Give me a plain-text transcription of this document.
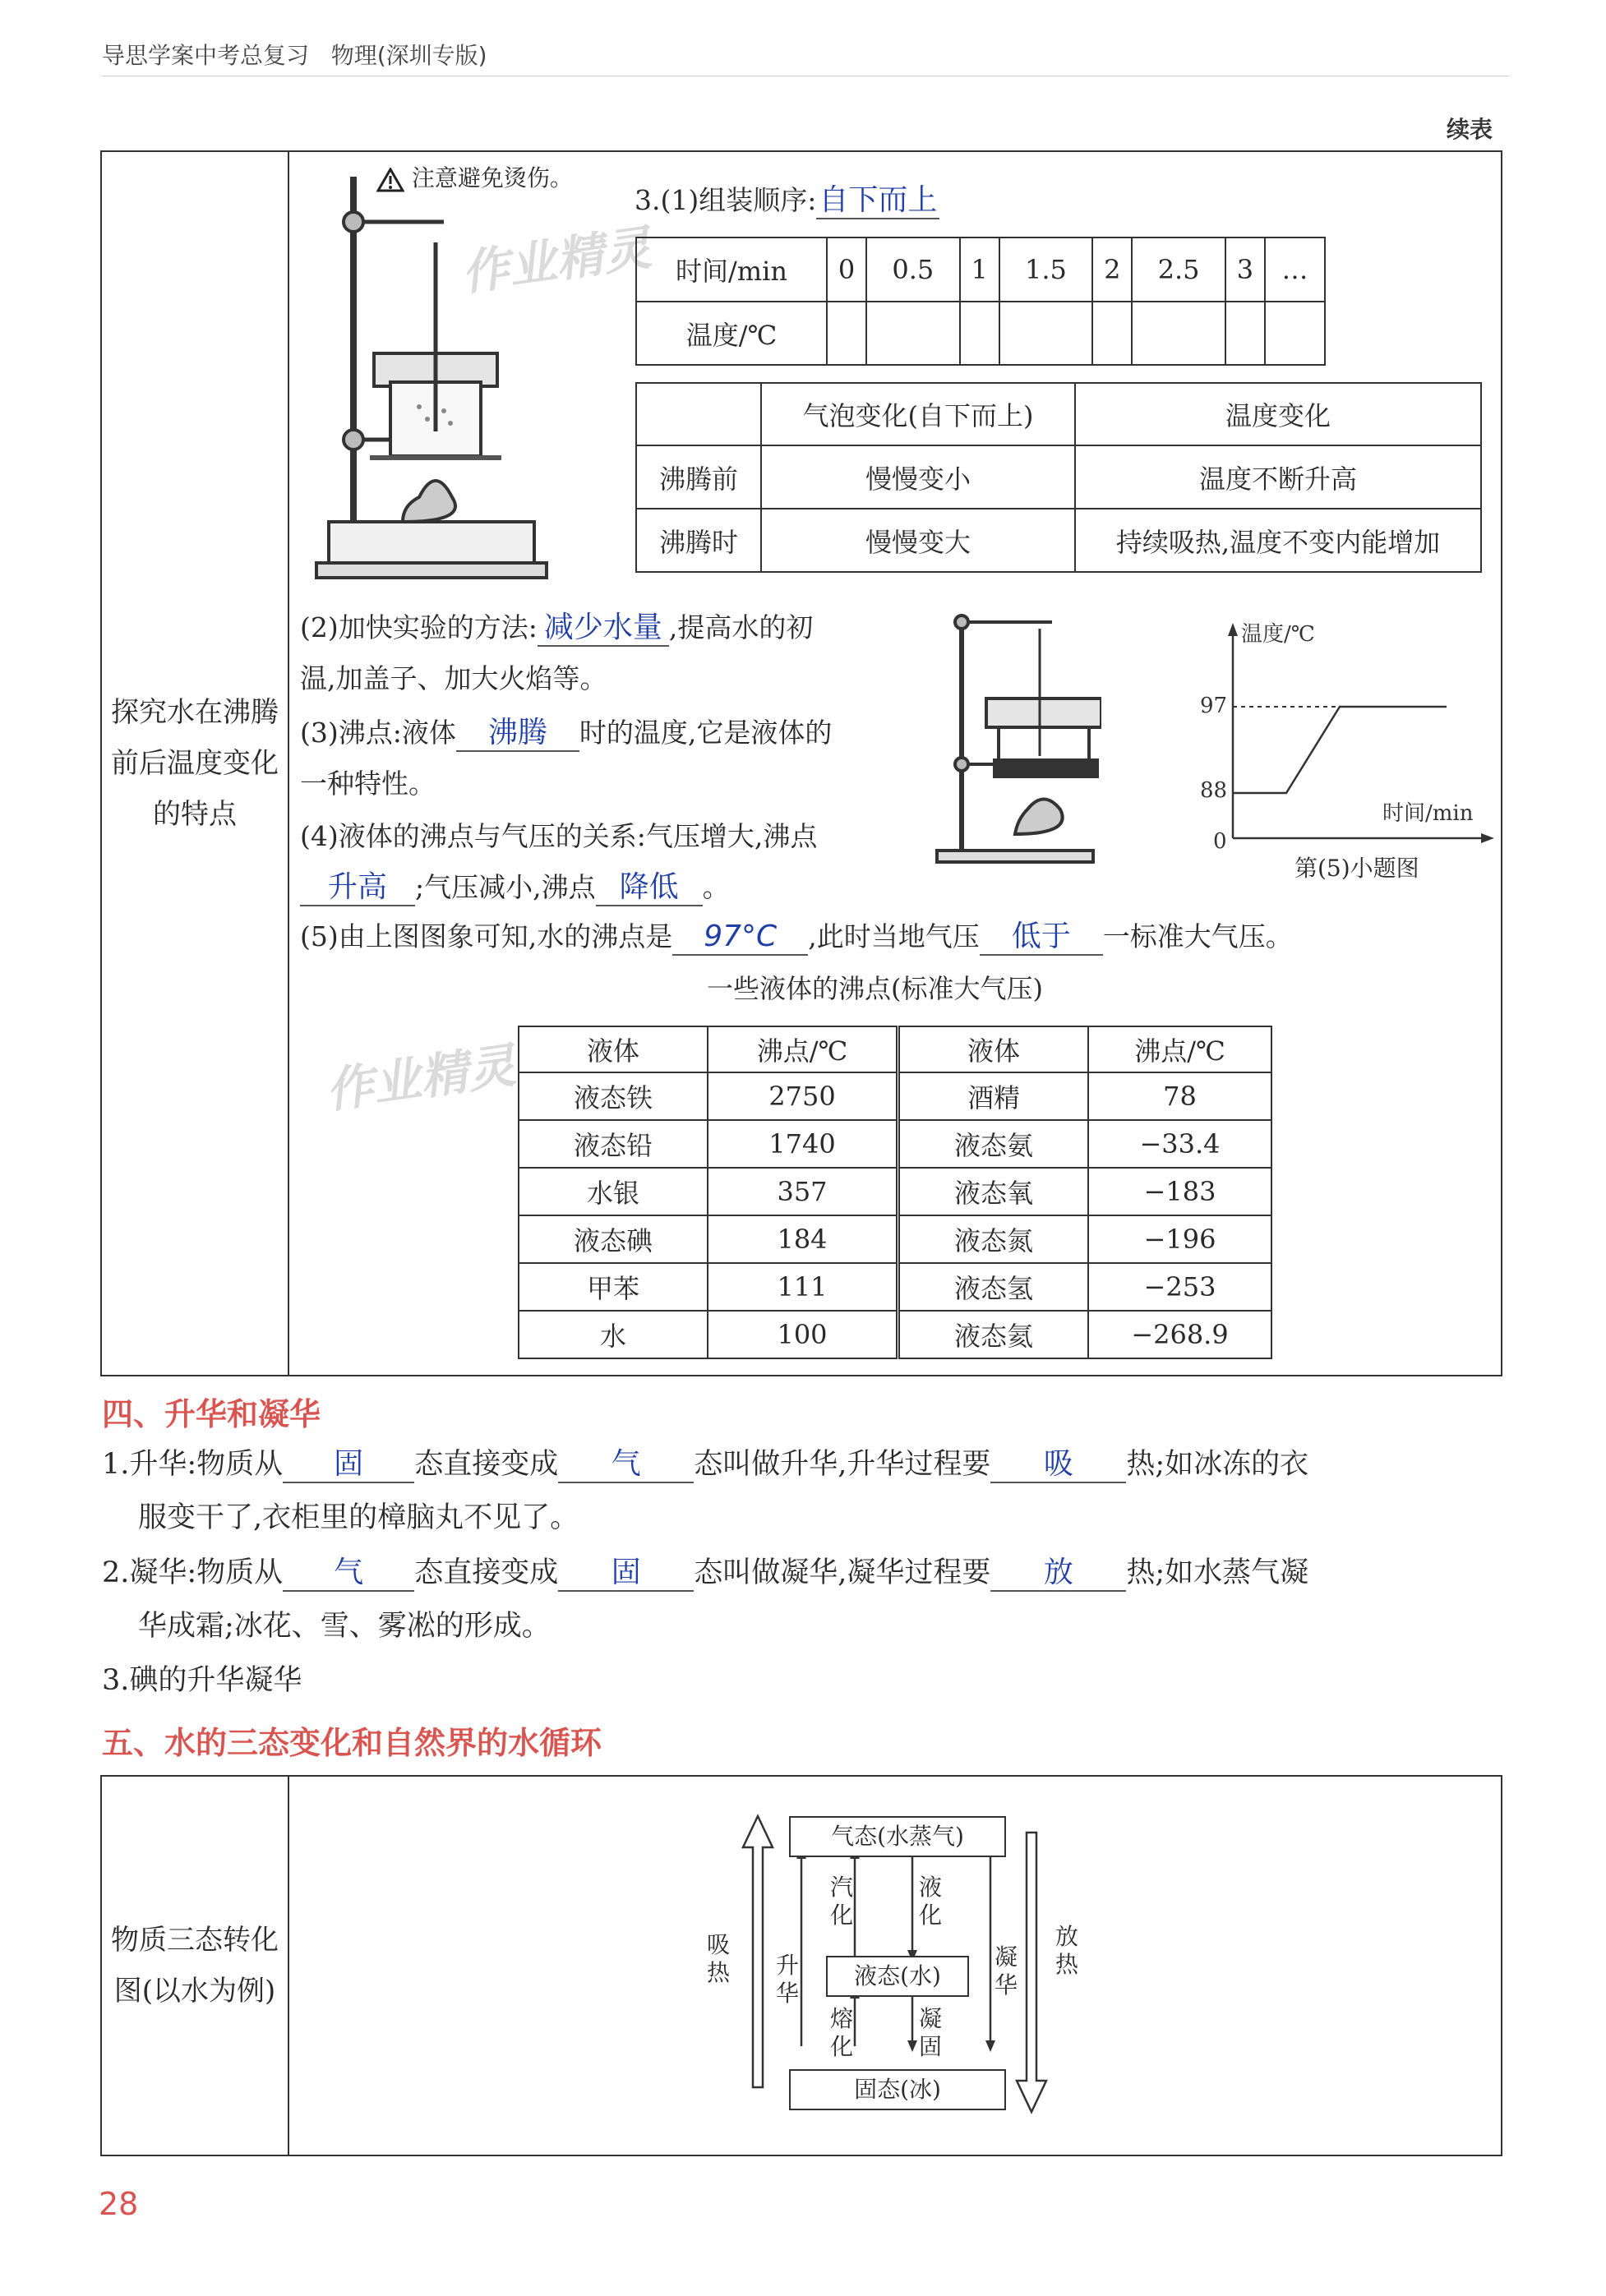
导思学案中考总复习 物理(深圳专版)
续表
探究水在沸腾
前后温度变化
的特点
注意避免烫伤。
作业精灵
3.(1)组装顺序:自下而上
时间/min	0	0.5	1	1.5	2	2.5	3	…
温度/℃								
	气泡变化(自下而上)	温度变化
沸腾前	慢慢变小	温度不断升高
沸腾时	慢慢变大	持续吸热,温度不变内能增加
(2)加快实验的方法: 减少水量 ,提高水的初
温,加盖子、加大火焰等。
(3)沸点:液体 沸腾 时的温度,它是液体的
一种特性。
(4)液体的沸点与气压的关系:气压增大,沸点
升高 ;气压减小,沸点 降低 。
温度/℃
时间/min
97
88
0
第(5)小题图
(5)由上图图象可知,水的沸点是 97°C ,此时当地气压 低于 一标准大气压。
一些液体的沸点(标准大气压)
作业精灵	液体	沸点/℃	液体	沸点/℃
液态铁	2750	酒精	78
液态铅	1740	液态氨	−33.4
水银	357	液态氧	−183
液态碘	184	液态氮	−196
甲苯	111	液态氢	−253
水	100	液态氦	−268.9
四、升华和凝华
1.升华:物质从 固 态直接变成 气 态叫做升华,升华过程要 吸 热;如冰冻的衣
服变干了,衣柜里的樟脑丸不见了。
2.凝华:物质从 气 态直接变成 固 态叫做凝华,凝华过程要 放 热;如水蒸气凝
华成霜;冰花、雪、雾凇的形成。
3.碘的升华凝华
五、水的三态变化和自然界的水循环
物质三态转化
图(以水为例)
气态(水蒸气)
液态(水)
固态(冰)
汽化
液化
熔化
凝固
升华
凝华
吸热
放热
28
